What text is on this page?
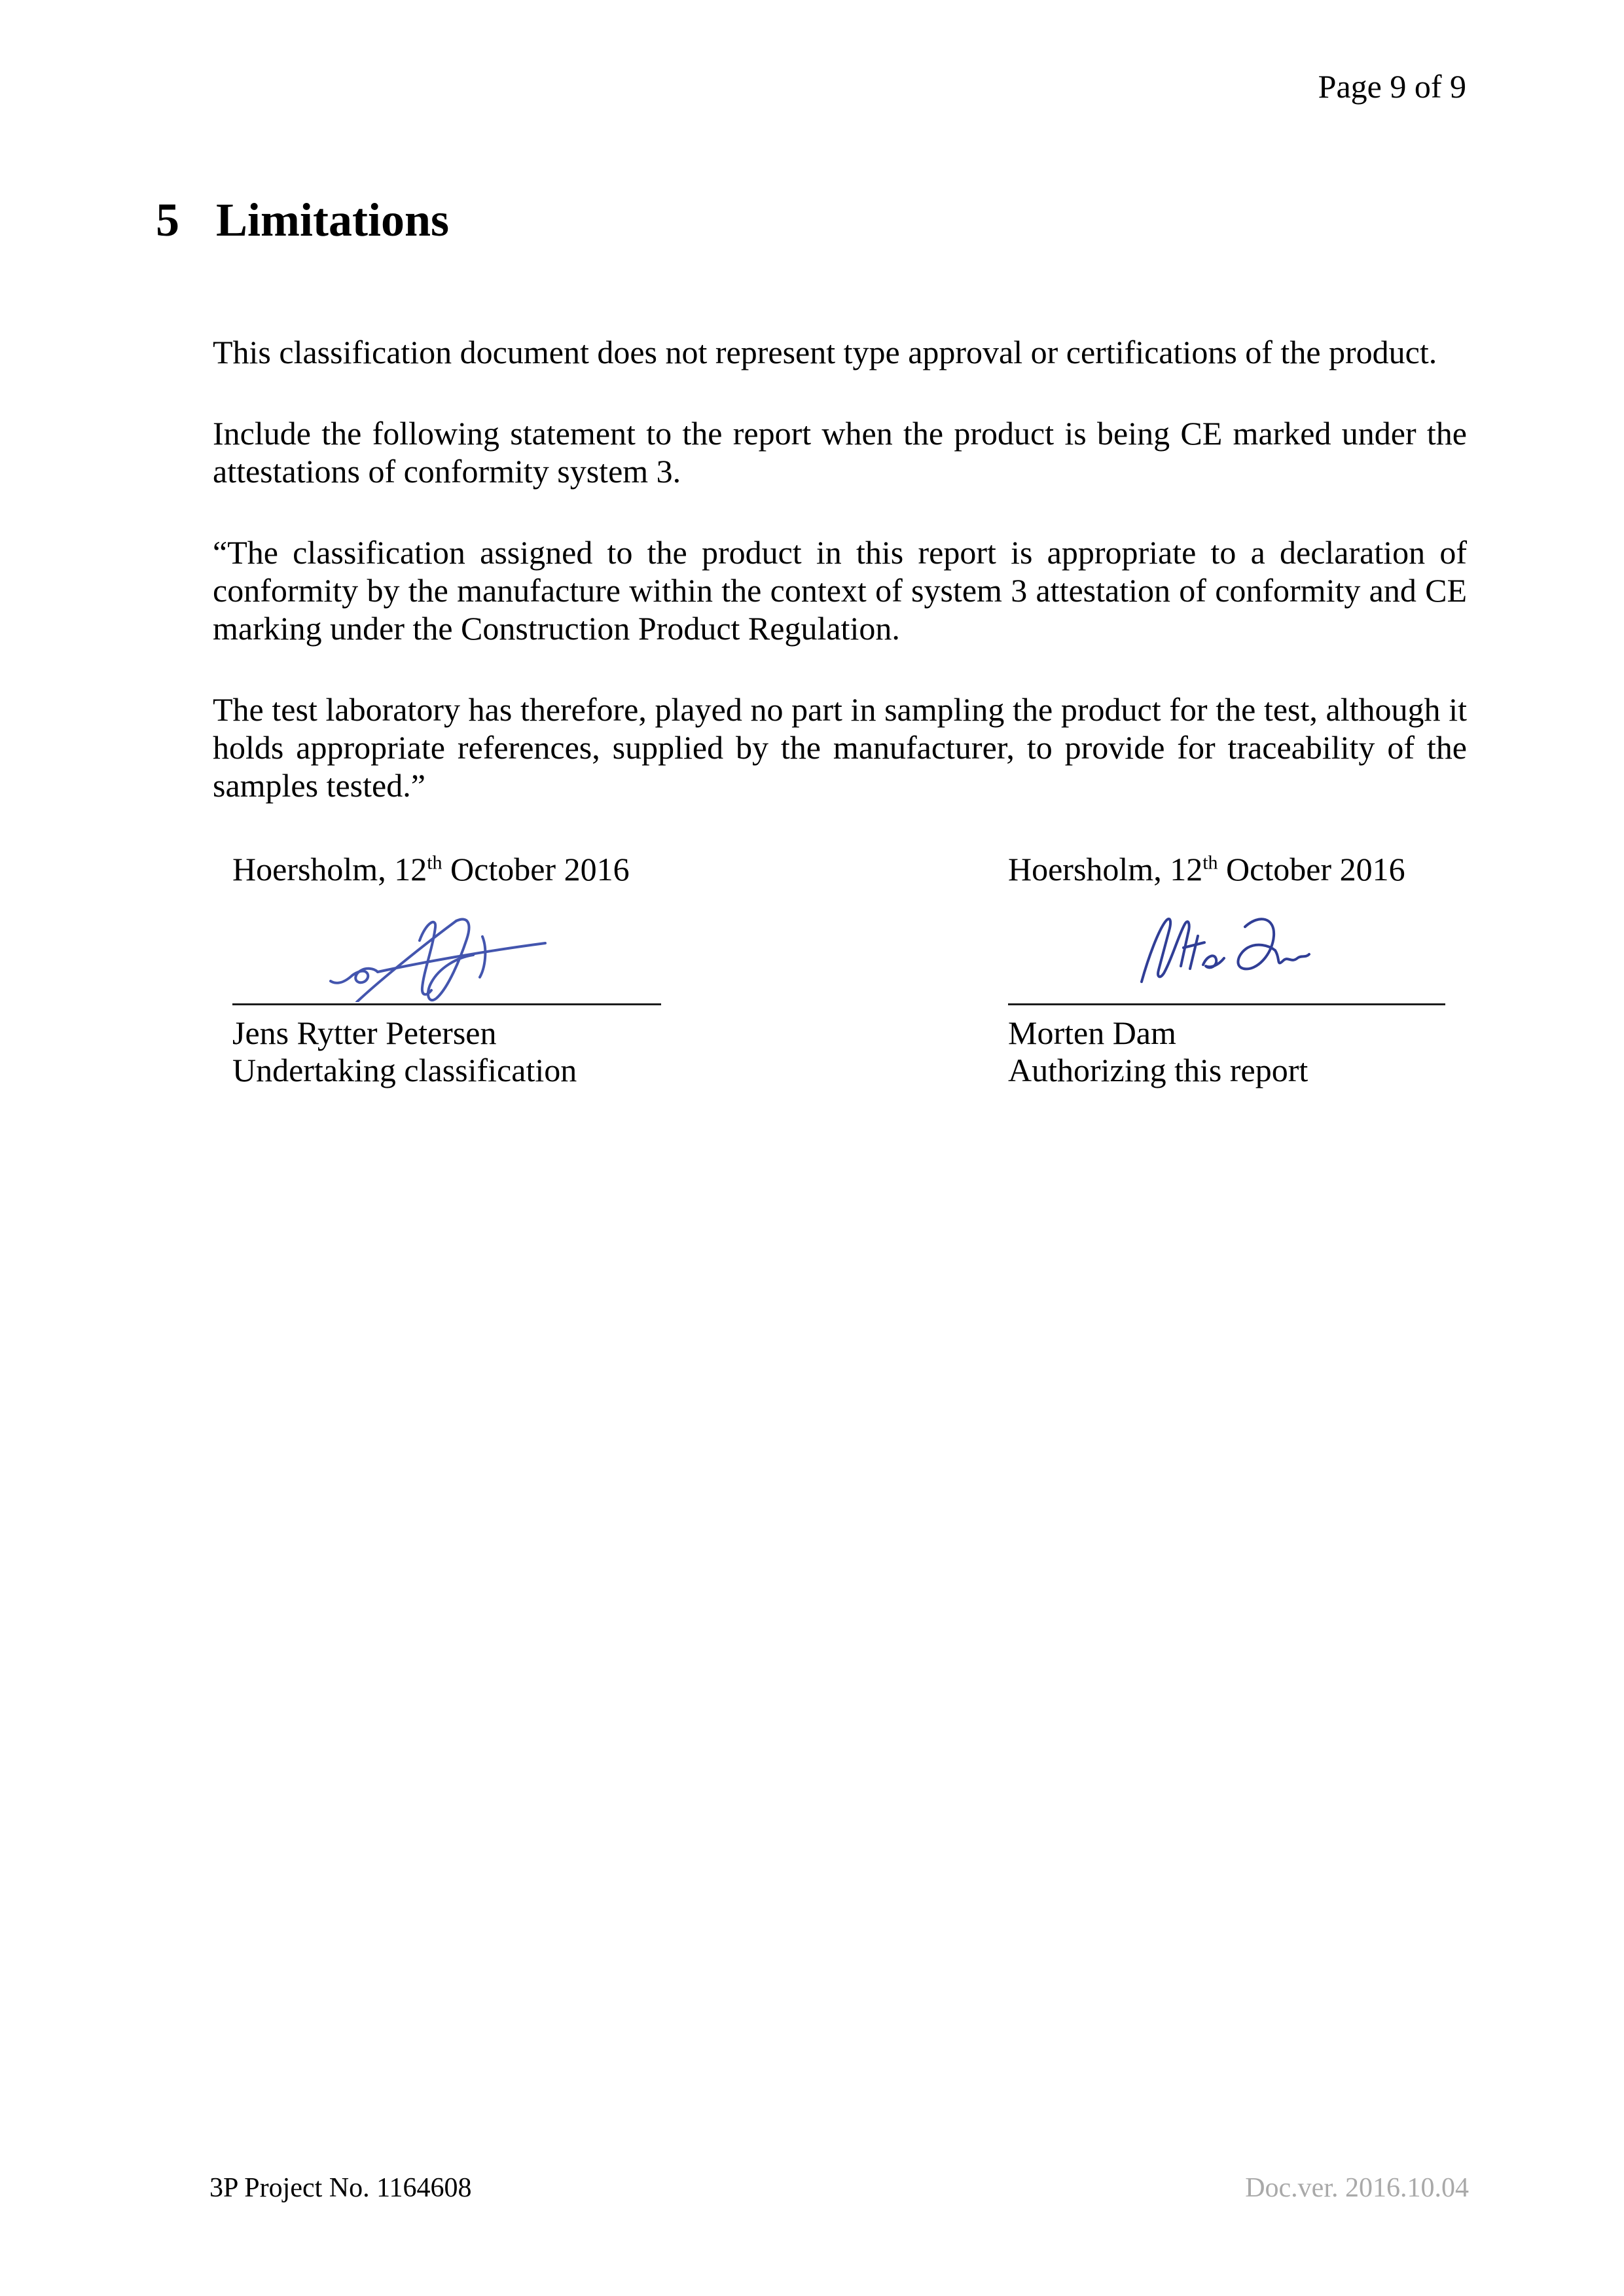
Page 9 of 9
5 Limitations

This classification document does not represent type approval or certifications of the product.

Include the following statement to the report when the product is being CE marked under the attestations of conformity system 3.

“The classification assigned to the product in this report is appropriate to a declaration of conformity by the manufacture within the context of system 3 attestation of conformity and CE marking under the Construction Product Regulation.

The test laboratory has therefore, played no part in sampling the product for the test, although it holds appropriate references, supplied by the manufacturer, to provide for traceability of the samples tested.”

Hoersholm, 12th October 2016
Jens Rytter Petersen
Undertaking classification
Hoersholm, 12th October 2016
Morten Dam
Authorizing this report
3P Project No. 1164608	Doc.ver. 2016.10.04
